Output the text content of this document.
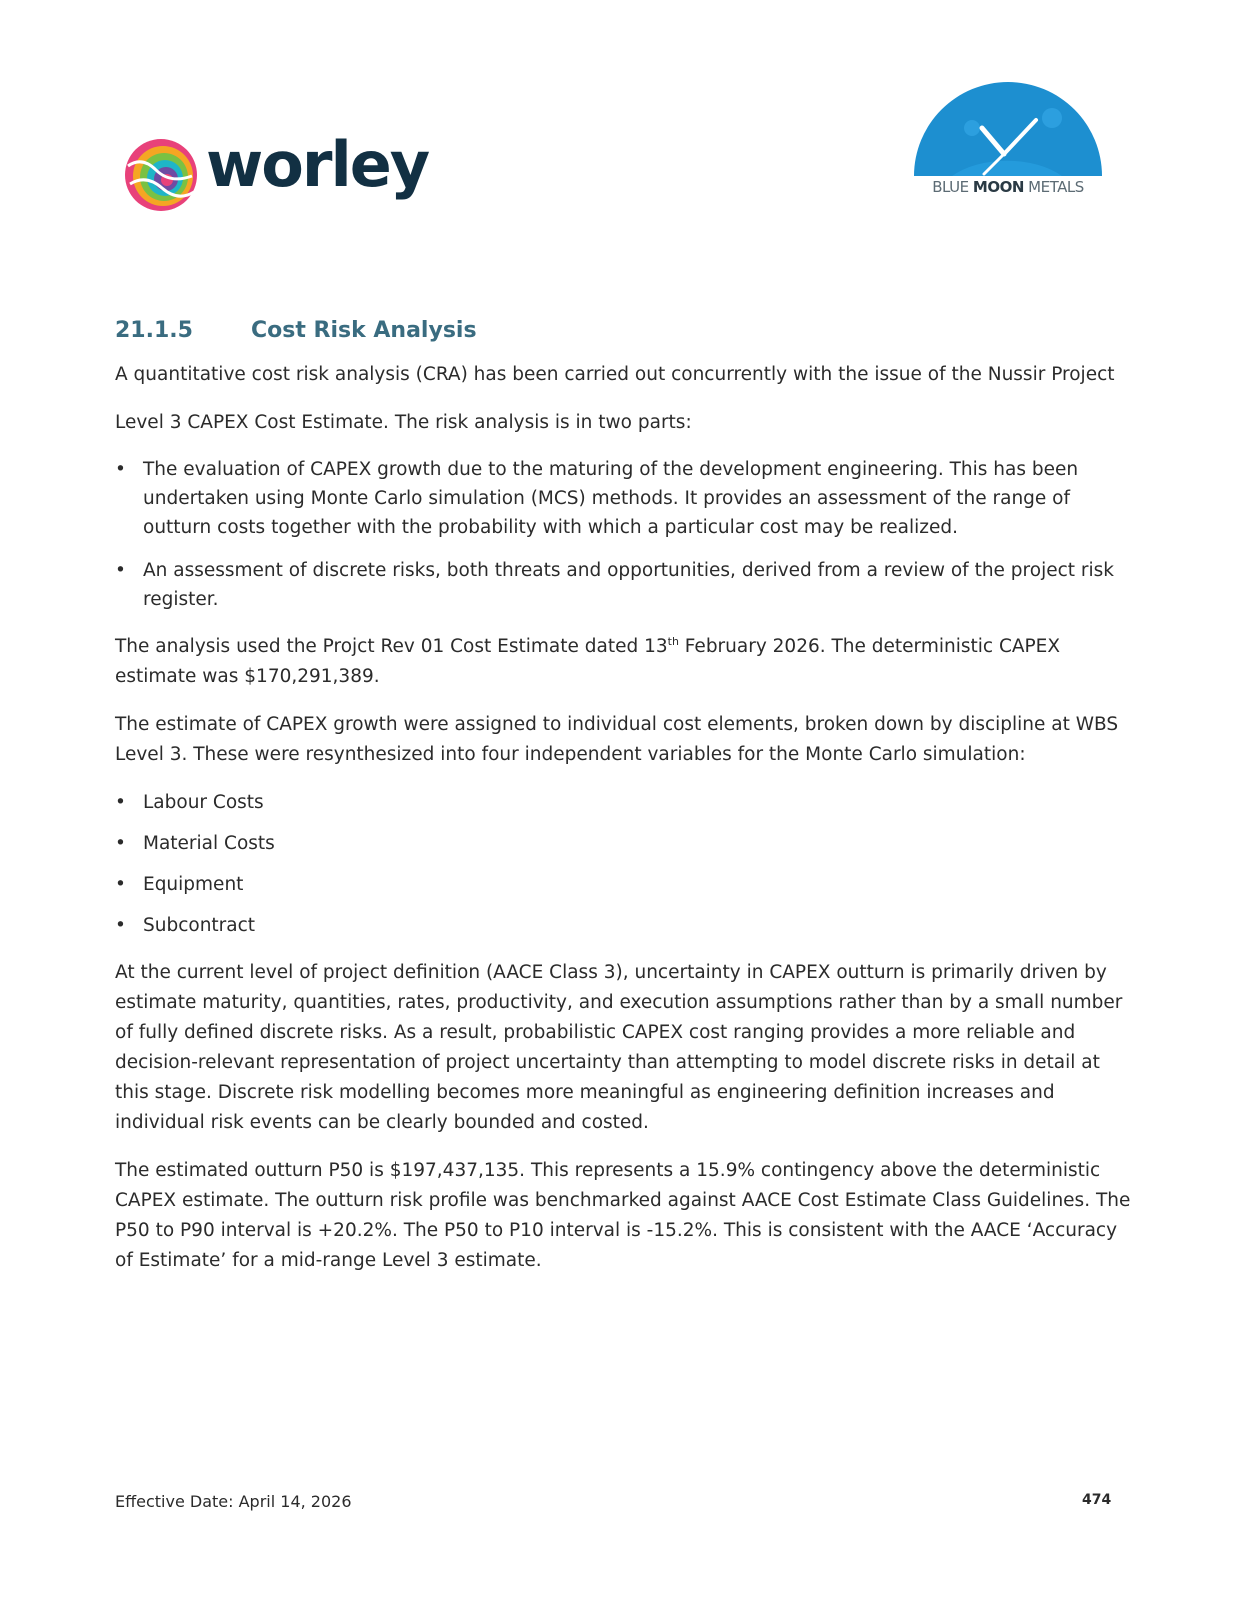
worley	BLUE MOON METALS
21.1.5	Cost Risk Analysis

A quantitative cost risk analysis (CRA) has been carried out concurrently with the issue of the Nussir Project Level 3 CAPEX Cost Estimate. The risk analysis is in two parts:

• The evaluation of CAPEX growth due to the maturing of the development engineering. This has been undertaken using Monte Carlo simulation (MCS) methods. It provides an assessment of the range of outturn costs together with the probability with which a particular cost may be realized.
• An assessment of discrete risks, both threats and opportunities, derived from a review of the project risk register.

The analysis used the Projct Rev 01 Cost Estimate dated 13th February 2026. The deterministic CAPEX estimate was $170,291,389.

The estimate of CAPEX growth were assigned to individual cost elements, broken down by discipline at WBS Level 3. These were resynthesized into four independent variables for the Monte Carlo simulation:

• Labour Costs
• Material Costs
• Equipment
• Subcontract

At the current level of project definition (AACE Class 3), uncertainty in CAPEX outturn is primarily driven by estimate maturity, quantities, rates, productivity, and execution assumptions rather than by a small number of fully defined discrete risks. As a result, probabilistic CAPEX cost ranging provides a more reliable and decision-relevant representation of project uncertainty than attempting to model discrete risks in detail at this stage. Discrete risk modelling becomes more meaningful as engineering definition increases and individual risk events can be clearly bounded and costed.

The estimated outturn P50 is $197,437,135. This represents a 15.9% contingency above the deterministic CAPEX estimate. The outturn risk profile was benchmarked against AACE Cost Estimate Class Guidelines. The P50 to P90 interval is +20.2%. The P50 to P10 interval is -15.2%. This is consistent with the AACE ‘Accuracy of Estimate’ for a mid-range Level 3 estimate.

Effective Date: April 14, 2026	474
